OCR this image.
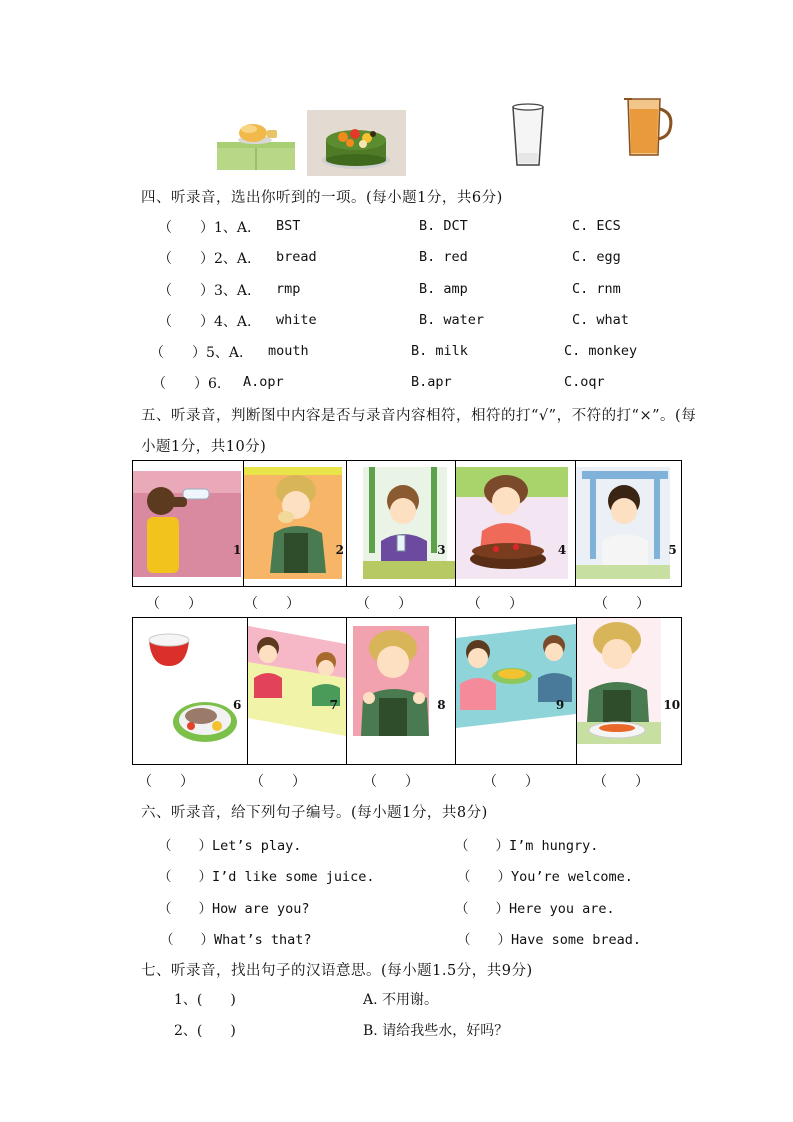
四、听录音，选出你听到的一项。(每小题1分，共6分)
（　　）1、A. BST	B. DCT	C. ECS
（　　）2、A. bread	B. red	C. egg
（　　）3、A. rmp	B. amp	C. rnm
（　　）4、A. white	B. water	C. what
（　　）5、A. mouth	B. milk	C. monkey
（　　）6. A.opr	B.apr	C.oqr
五、听录音，判断图中内容是否与录音内容相符，相符的打“√”，不符的打“×”。(每
小题1分，共10分)
1	2	3	4	5
（　　）	（　　）	（　　）	（　　）	（　　）
6	7	8	9	10
（　　）	（　　）	（　　）	（　　）	（　　）
六、听录音，给下列句子编号。(每小题1分，共8分)
（　　）Let’s play.
（　　）I’d like some juice.
（　　）How are you?
（　　）What’s that?
（　　）I’m hungry.
（　　）You’re welcome.
（　　）Here you are.
（　　）Have some bread.
七、听录音，找出句子的汉语意思。(每小题1.5分，共9分)
1、(　　)	A. 不用谢。
2、(　　)	B. 请给我些水，好吗？
